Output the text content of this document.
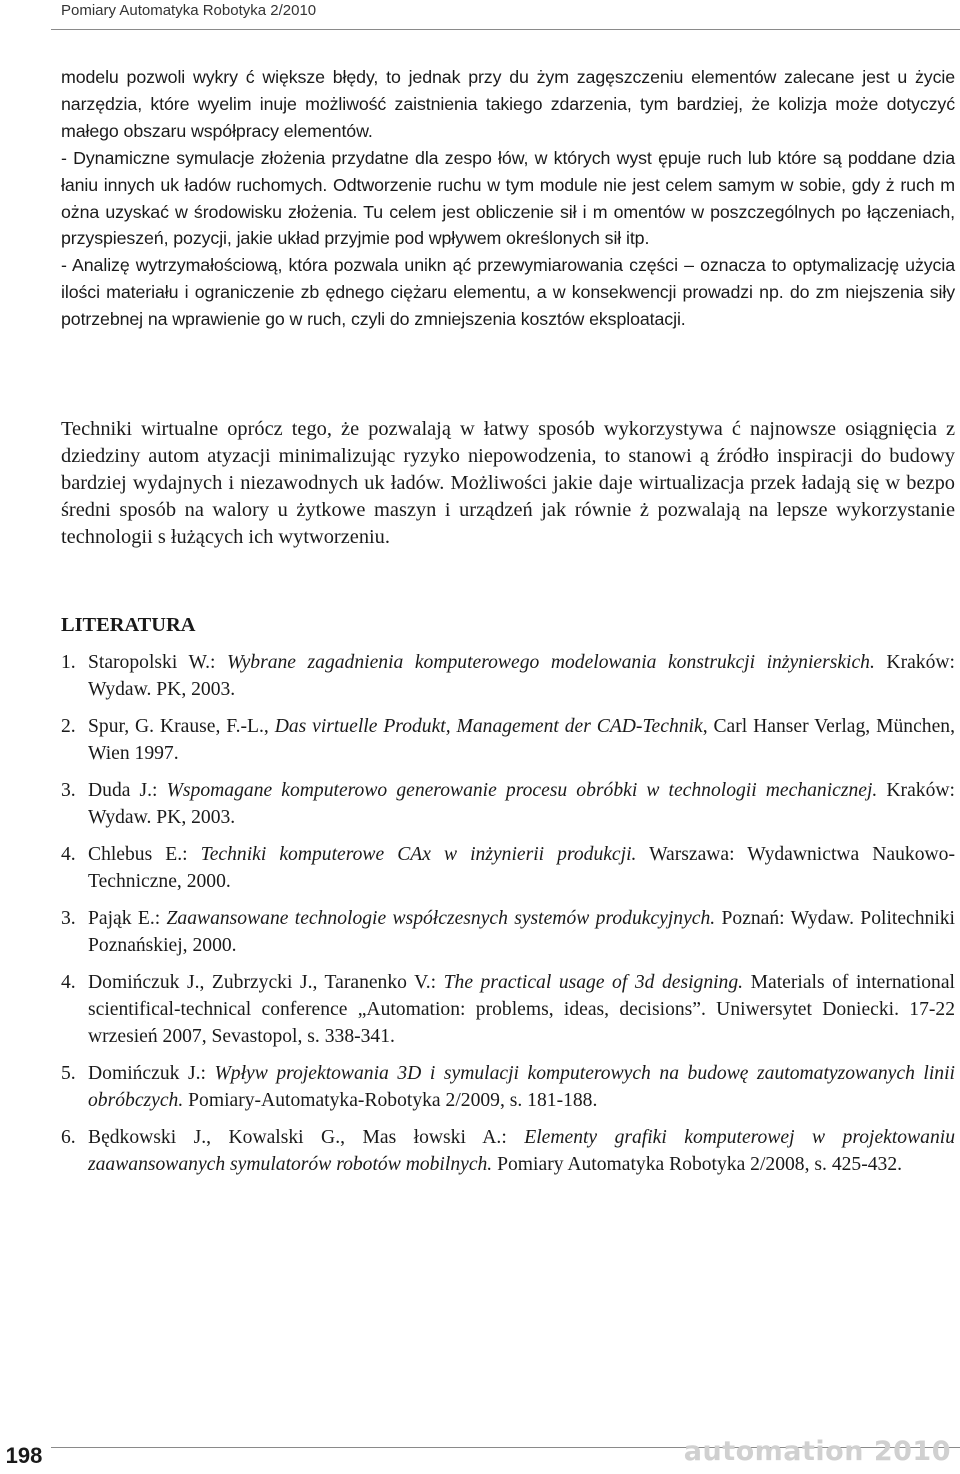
Pomiary Automatyka Robotyka 2/2010

modelu pozwoli wykry ć większe błędy, to jednak przy du żym zagęszczeniu elementów zalecane jest u życie narzędzia, które wyelim inuje możliwość zaistnienia takiego zdarzenia, tym bardziej, że kolizja może dotyczyć małego obszaru współpracy elementów.

- Dynamiczne symulacje złożenia przydatne dla zespo łów, w których wyst ępuje ruch lub które są poddane dzia łaniu innych uk ładów ruchomych. Odtworzenie ruchu w tym module nie jest celem samym w sobie, gdy ż ruch m ożna uzyskać w środowisku złożenia. Tu celem jest obliczenie sił i m omentów w poszczególnych po łączeniach, przyspieszeń, pozycji, jakie układ przyjmie pod wpływem określonych sił itp.

- Analizę wytrzymałościową, która pozwala unikn ąć przewymiarowania części – oznacza to optymalizację użycia ilości materiału i ograniczenie zb ędnego ciężaru elementu, a w konsekwencji prowadzi np. do zm niejszenia siły potrzebnej na wprawienie go w ruch, czyli do zmniejszenia kosztów eksploatacji.

Techniki wirtualne oprócz tego, że pozwalają w łatwy sposób wykorzystywa ć najnowsze osiągnięcia z dziedziny autom atyzacji minimalizując ryzyko niepowodzenia, to stanowi ą źródło inspiracji do budowy bardziej wydajnych i niezawodnych uk ładów. Możliwości jakie daje wirtualizacja przek ładają się w bezpo średni sposób na walory u żytkowe maszyn i urządzeń jak równie ż pozwalają na lepsze wykorzystanie technologii s łużących ich wytworzeniu.
LITERATURA
1. Staropolski W.: Wybrane zagadnienia komputerowego modelowania konstrukcji inżynierskich. Kraków: Wydaw. PK, 2003.
2. Spur, G. Krause, F.-L., Das virtuelle Produkt, Management der CAD-Technik, Carl Hanser Verlag, München, Wien 1997.
3. Duda J.: Wspomagane komputerowo generowanie procesu obróbki w technologii mechanicznej. Kraków: Wydaw. PK, 2003.
4. Chlebus E.: Techniki komputerowe CAx w inżynierii produkcji. Warszawa: Wydawnictwa Naukowo-Techniczne, 2000.
3. Pająk E.: Zaawansowane technologie współczesnych systemów produkcyjnych. Poznań: Wydaw. Politechniki Poznańskiej, 2000.
4. Domińczuk J., Zubrzycki J., Taranenko V.: The practical usage of 3d designing. Materials of international scientifical-technical conference „Automation: problems, ideas, decisions”. Uniwersytet Doniecki. 17-22 wrzesień 2007, Sevastopol, s. 338-341.
5. Domińczuk J.: Wpływ projektowania 3D i symulacji komputerowych na budowę zautomatyzowanych linii obróbczych. Pomiary-Automatyka-Robotyka 2/2009, s. 181-188.
6. Będkowski J., Kowalski G., Mas łowski A.: Elementy grafiki komputerowej w projektowaniu zaawansowanych symulatorów robotów mobilnych. Pomiary Automatyka Robotyka 2/2008, s. 425-432.
198	automation 2010
